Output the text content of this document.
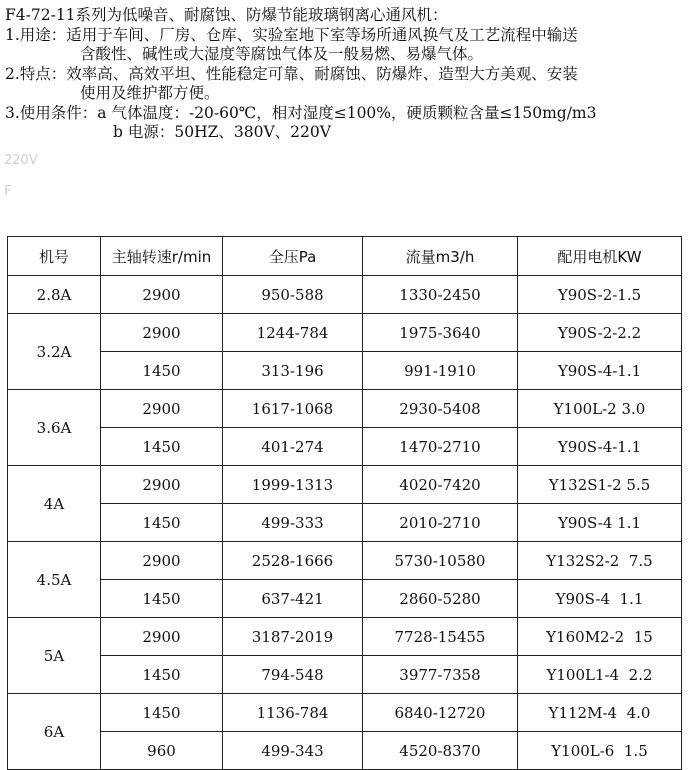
F4-72-11系列为低噪音、耐腐蚀、防爆节能玻璃钢离心通风机：
1.用途：适用于车间、厂房、仓库、实验室地下室等场所通风换气及工艺流程中输送
含酸性、碱性或大湿度等腐蚀气体及一般易燃、易爆气体。
2.特点：效率高、高效平坦、性能稳定可靠、耐腐蚀、防爆炸、造型大方美观、安装
使用及维护都方便。
3.使用条件：a 气体温度：-20-60℃，相对湿度≤100%，硬质颗粒含量≤150mg/m3
b 电源：50HZ、380V、220V
220V
F
机号	主轴转速r/min	全压Pa	流量m3/h	配用电机KW
2.8A	2900	950-588	1330-2450	Y90S-2-1.5
3.2A	2900	1244-784	1975-3640	Y90S-2-2.2
	1450	313-196	991-1910	Y90S-4-1.1
3.6A	2900	1617-1068	2930-5408	Y100L-2 3.0
	1450	401-274	1470-2710	Y90S-4-1.1
4A	2900	1999-1313	4020-7420	Y132S1-2 5.5
	1450	499-333	2010-2710	Y90S-4 1.1
4.5A	2900	2528-1666	5730-10580	Y132S2-2  7.5
	1450	637-421	2860-5280	Y90S-4  1.1
5A	2900	3187-2019	7728-15455	Y160M2-2  15
	1450	794-548	3977-7358	Y100L1-4  2.2
6A	1450	1136-784	6840-12720	Y112M-4  4.0
	960	499-343	4520-8370	Y100L-6  1.5
